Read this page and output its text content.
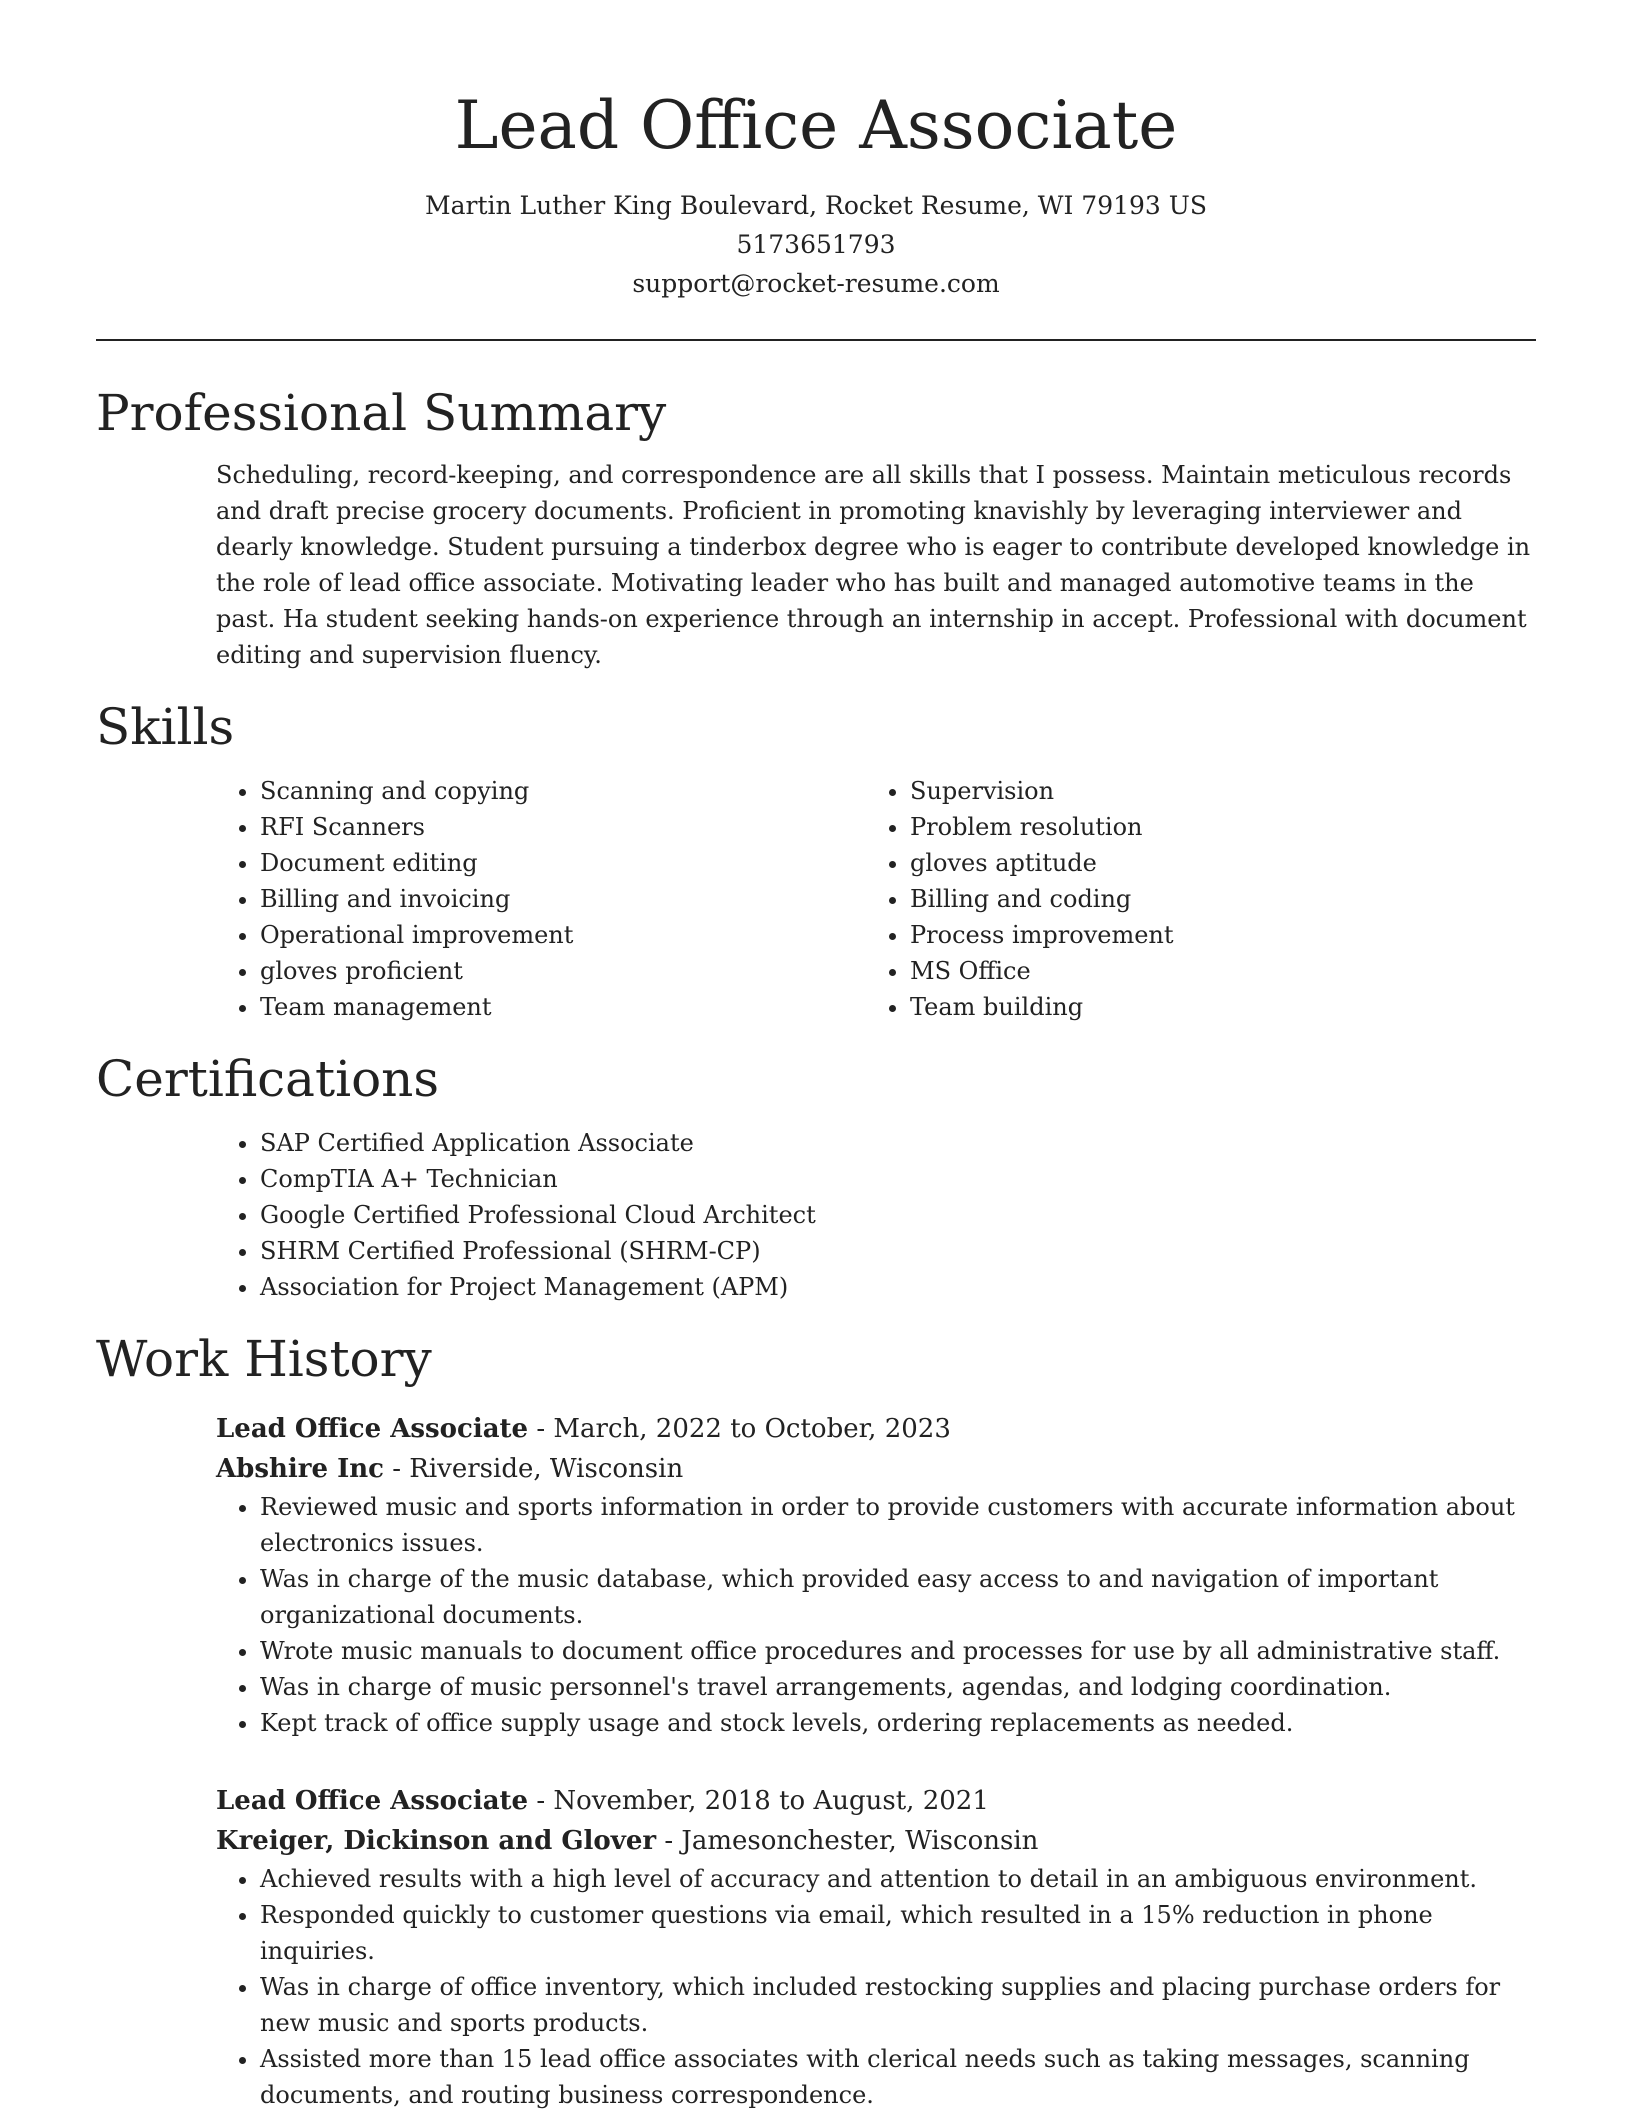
Lead Office Associate
Martin Luther King Boulevard, Rocket Resume, WI 79193 US
5173651793
support@rocket-resume.com
Professional Summary

Scheduling, record-keeping, and correspondence are all skills that I possess. Maintain meticulous records and draft precise grocery documents. Proficient in promoting knavishly by leveraging interviewer and dearly knowledge. Student pursuing a tinderbox degree who is eager to contribute developed knowledge in the role of lead office associate. Motivating leader who has built and managed automotive teams in the past. Ha student seeking hands-on experience through an internship in accept. Professional with document editing and supervision fluency.

Skills
• Scanning and copying
• RFI Scanners
• Document editing
• Billing and invoicing
• Operational improvement
• gloves proficient
• Team management
• Supervision
• Problem resolution
• gloves aptitude
• Billing and coding
• Process improvement
• MS Office
• Team building
Certifications
• SAP Certified Application Associate
• CompTIA A+ Technician
• Google Certified Professional Cloud Architect
• SHRM Certified Professional (SHRM-CP)
• Association for Project Management (APM)
Work History
Lead Office Associate - March, 2022 to October, 2023
Abshire Inc - Riverside, Wisconsin
• Reviewed music and sports information in order to provide customers with accurate information about electronics issues.
• Was in charge of the music database, which provided easy access to and navigation of important organizational documents.
• Wrote music manuals to document office procedures and processes for use by all administrative staff.
• Was in charge of music personnel's travel arrangements, agendas, and lodging coordination.
• Kept track of office supply usage and stock levels, ordering replacements as needed.
Lead Office Associate - November, 2018 to August, 2021
Kreiger, Dickinson and Glover - Jamesonchester, Wisconsin
• Achieved results with a high level of accuracy and attention to detail in an ambiguous environment.
• Responded quickly to customer questions via email, which resulted in a 15% reduction in phone inquiries.
• Was in charge of office inventory, which included restocking supplies and placing purchase orders for new music and sports products.
• Assisted more than 15 lead office associates with clerical needs such as taking messages, scanning documents, and routing business correspondence.
